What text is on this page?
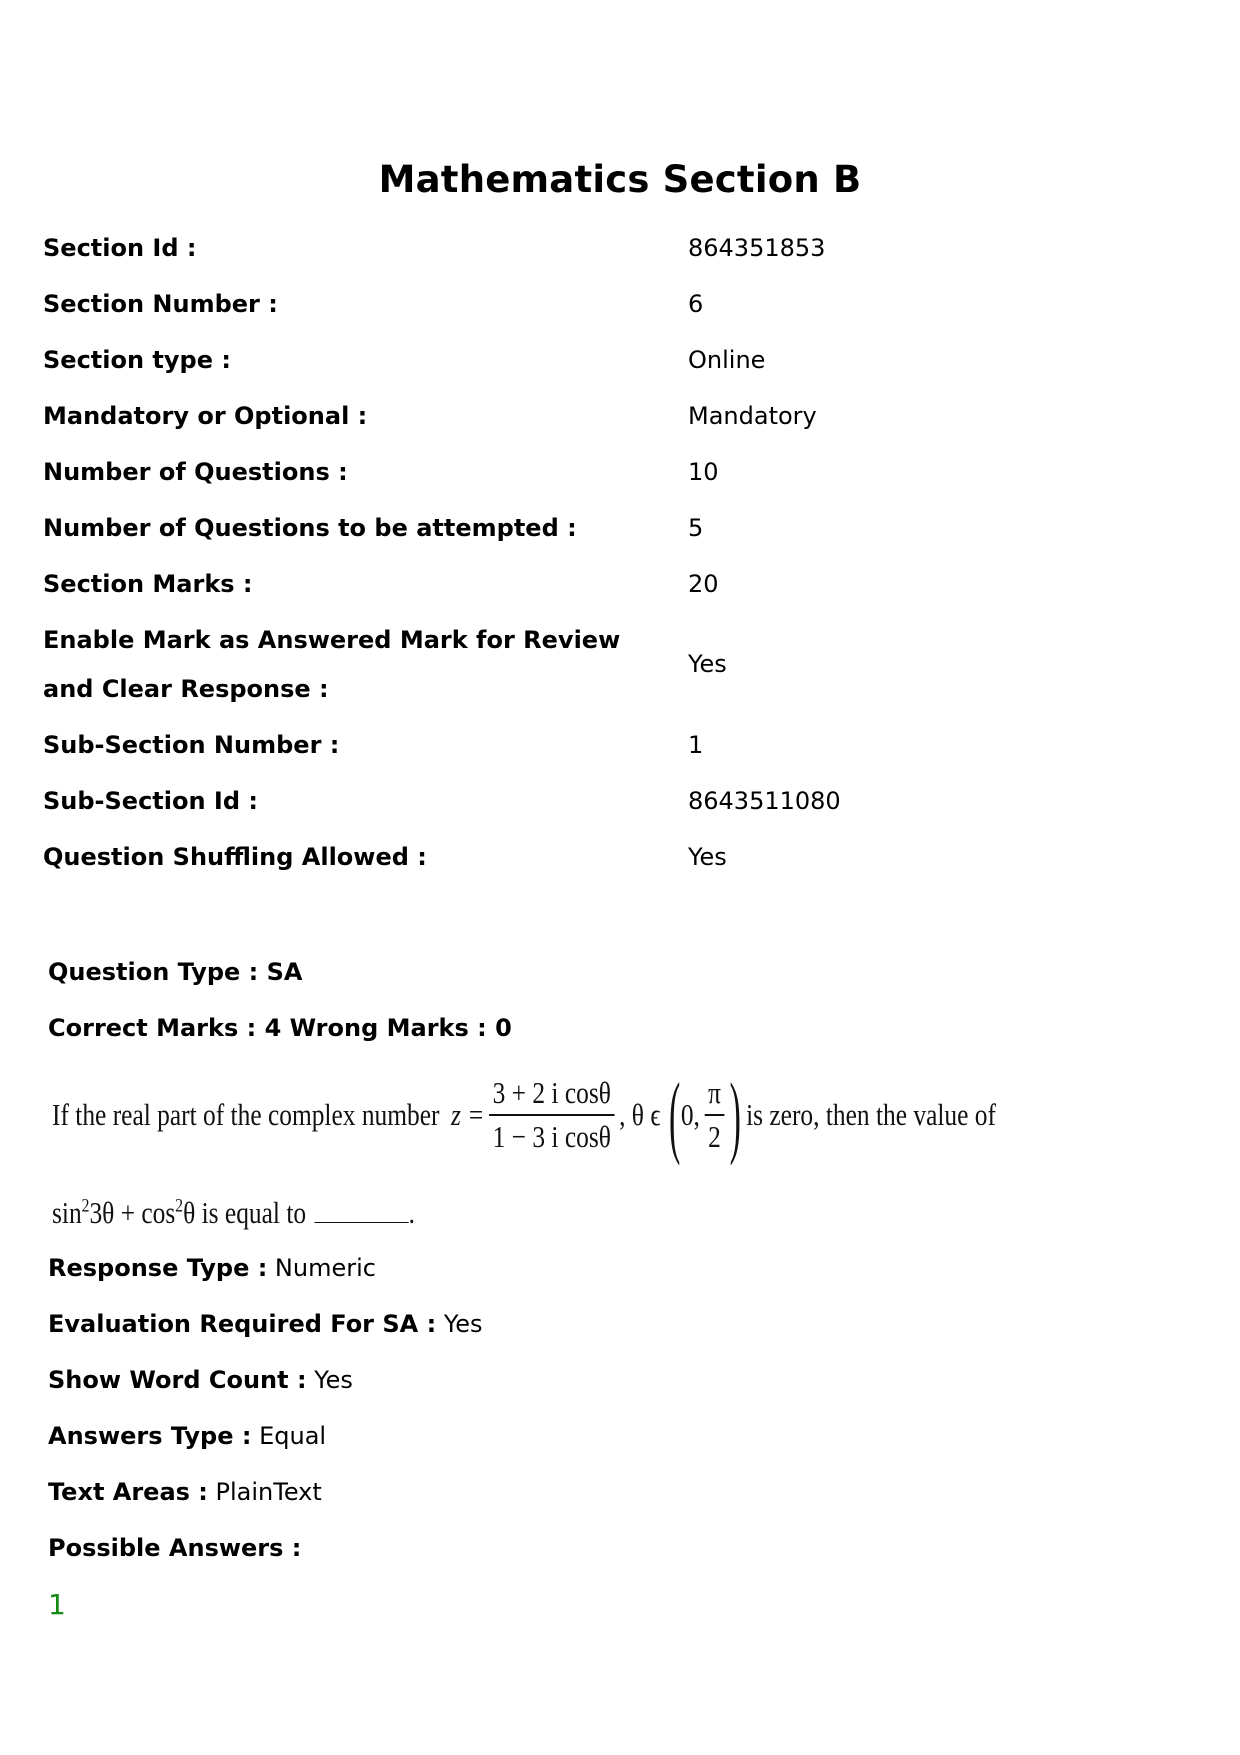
Mathematics Section B
Section Id :	864351853
Section Number :	6
Section type :	Online
Mandatory or Optional :	Mandatory
Number of Questions :	10
Number of Questions to be attempted :	5
Section Marks :	20
Enable Mark as Answered Mark for Review and Clear Response :
Yes
Sub-Section Number :	1
Sub-Section Id :	8643511080
Question Shuffling Allowed :	Yes
Question Type : SA
Correct Marks : 4 Wrong Marks : 0
If the real part of the complex number $z = \frac{\text{3 + 2 i cosθ}}{\text{1 − 3 i cosθ}}$ , θ ϵ ( 0, $\frac{\pi}{2}$ ) is zero, then the value of
$\sin^23\theta + \cos^2\theta$ is equal to	.
Response Type : Numeric
Evaluation Required For SA : Yes
Show Word Count : Yes
Answers Type : Equal
Text Areas : PlainText
Possible Answers :
1
